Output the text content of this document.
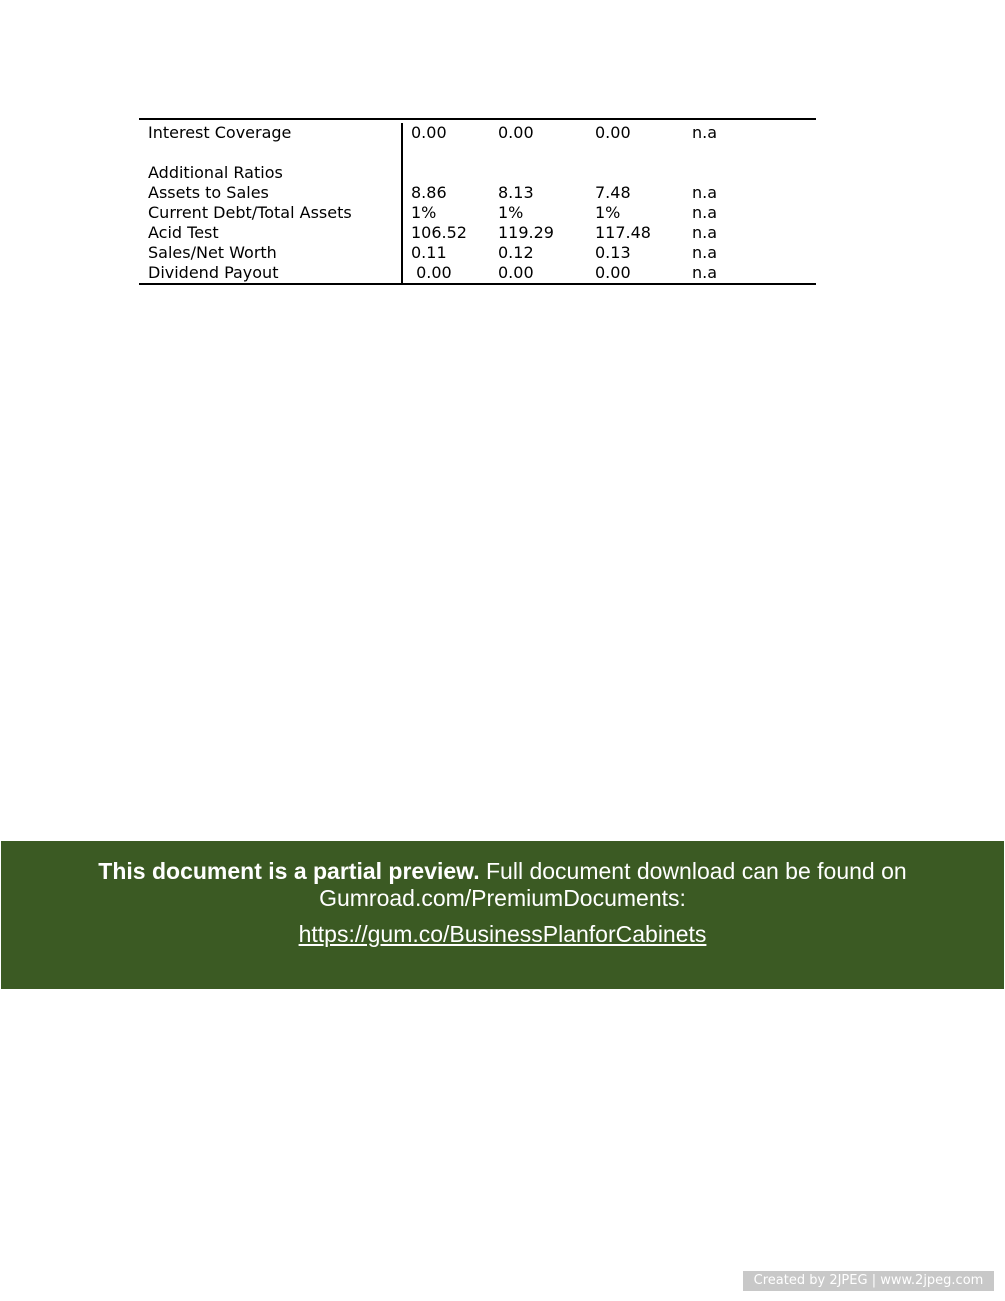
Interest Coverage	0.00	0.00	0.00	n.a
Additional Ratios
Assets to Sales	8.86	8.13	7.48	n.a
Current Debt/Total Assets	1%	1%	1%	n.a
Acid Test	106.52	119.29	117.48	n.a
Sales/Net Worth	0.11	0.12	0.13	n.a
Dividend Payout	0.00	0.00	0.00	n.a
This document is a partial preview. Full document download can be found on
Gumroad.com/PremiumDocuments:
https://gum.co/BusinessPlanforCabinets
Created by 2JPEG | www.2jpeg.com
